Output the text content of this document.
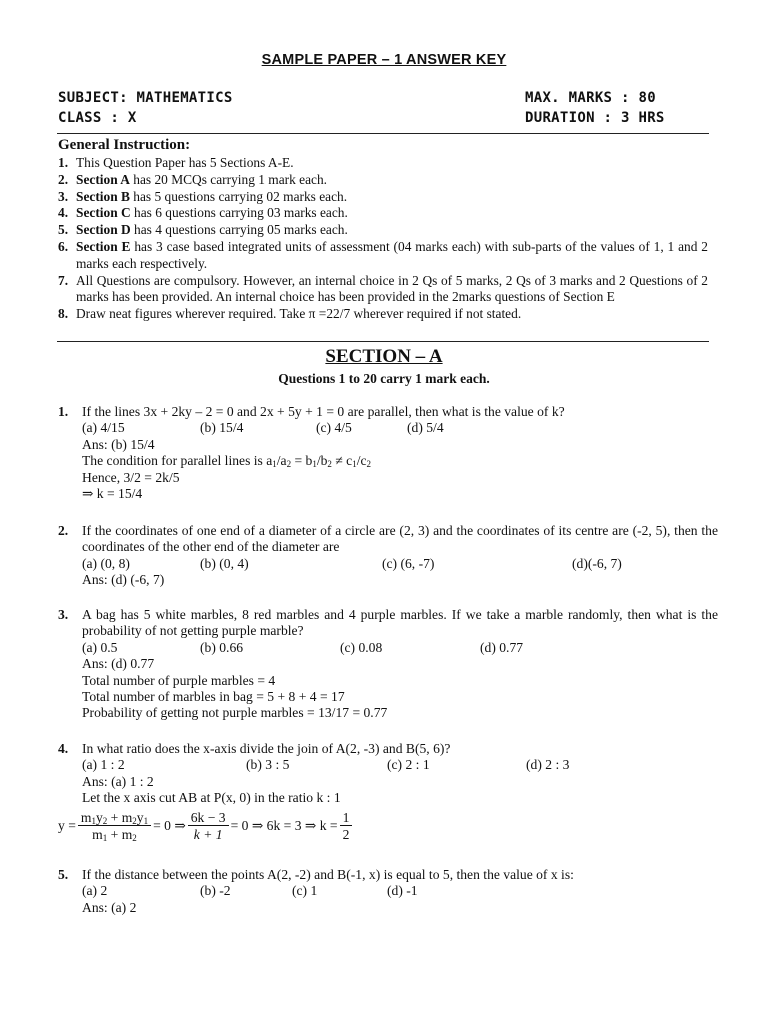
SAMPLE PAPER – 1 ANSWER KEY
SUBJECT: MATHEMATICS
CLASS : X
MAX. MARKS : 80
DURATION : 3 HRS
General Instruction:
1. This Question Paper has 5 Sections A-E.
2. Section A has 20 MCQs carrying 1 mark each.
3. Section B has 5 questions carrying 02 marks each.
4. Section C has 6 questions carrying 03 marks each.
5. Section D has 4 questions carrying 05 marks each.
6. Section E has 3 case based integrated units of assessment (04 marks each) with sub-parts of the values of 1, 1 and 2 marks each respectively.
7. All Questions are compulsory. However, an internal choice in 2 Qs of 5 marks, 2 Qs of 3 marks and 2 Questions of 2 marks has been provided. An internal choice has been provided in the 2marks questions of Section E
8. Draw neat figures wherever required. Take π =22/7 wherever required if not stated.
SECTION – A
Questions 1 to 20 carry 1 mark each.
1. If the lines 3x + 2ky – 2 = 0 and 2x + 5y + 1 = 0 are parallel, then what is the value of k?
(a) 4/15	(b) 15/4	(c) 4/5	(d) 5/4
Ans: (b) 15/4
The condition for parallel lines is $a_1/a_2 = b_1/b_2 \ne c_1/c_2$
Hence, 3/2 = 2k/5
⇒ k = 15/4
2. If the coordinates of one end of a diameter of a circle are (2, 3) and the coordinates of its centre are (-2, 5), then the coordinates of the other end of the diameter are
(a) (0, 8)	(b) (0, 4)	(c) (6, -7)	(d)(-6, 7)
Ans: (d) (-6, 7)
3. A bag has 5 white marbles, 8 red marbles and 4 purple marbles. If we take a marble randomly, then what is the probability of not getting purple marble?
(a) 0.5	(b) 0.66	(c) 0.08	(d) 0.77
Ans: (d) 0.77
Total number of purple marbles = 4
Total number of marbles in bag = 5 + 8 + 4 = 17
Probability of getting not purple marbles = 13/17 = 0.77
4. In what ratio does the x-axis divide the join of A(2, -3) and B(5, 6)?
(a) 1 : 2	(b) 3 : 5	(c) 2 : 1	(d) 2 : 3
Ans: (a) 1 : 2
Let the x axis cut AB at P(x, 0) in the ratio k : 1
$y = \frac{m_1y_2 + m_2y_1}{m_1 + m_2} = 0$ ⇒ $\frac{6k - 3}{k + 1} = 0$ ⇒ 6k = 3 ⇒ $k = \frac{1}{2}$
5. If the distance between the points A(2, -2) and B(-1, x) is equal to 5, then the value of x is:
(a) 2	(b) -2	(c) 1	(d) -1
Ans: (a) 2
